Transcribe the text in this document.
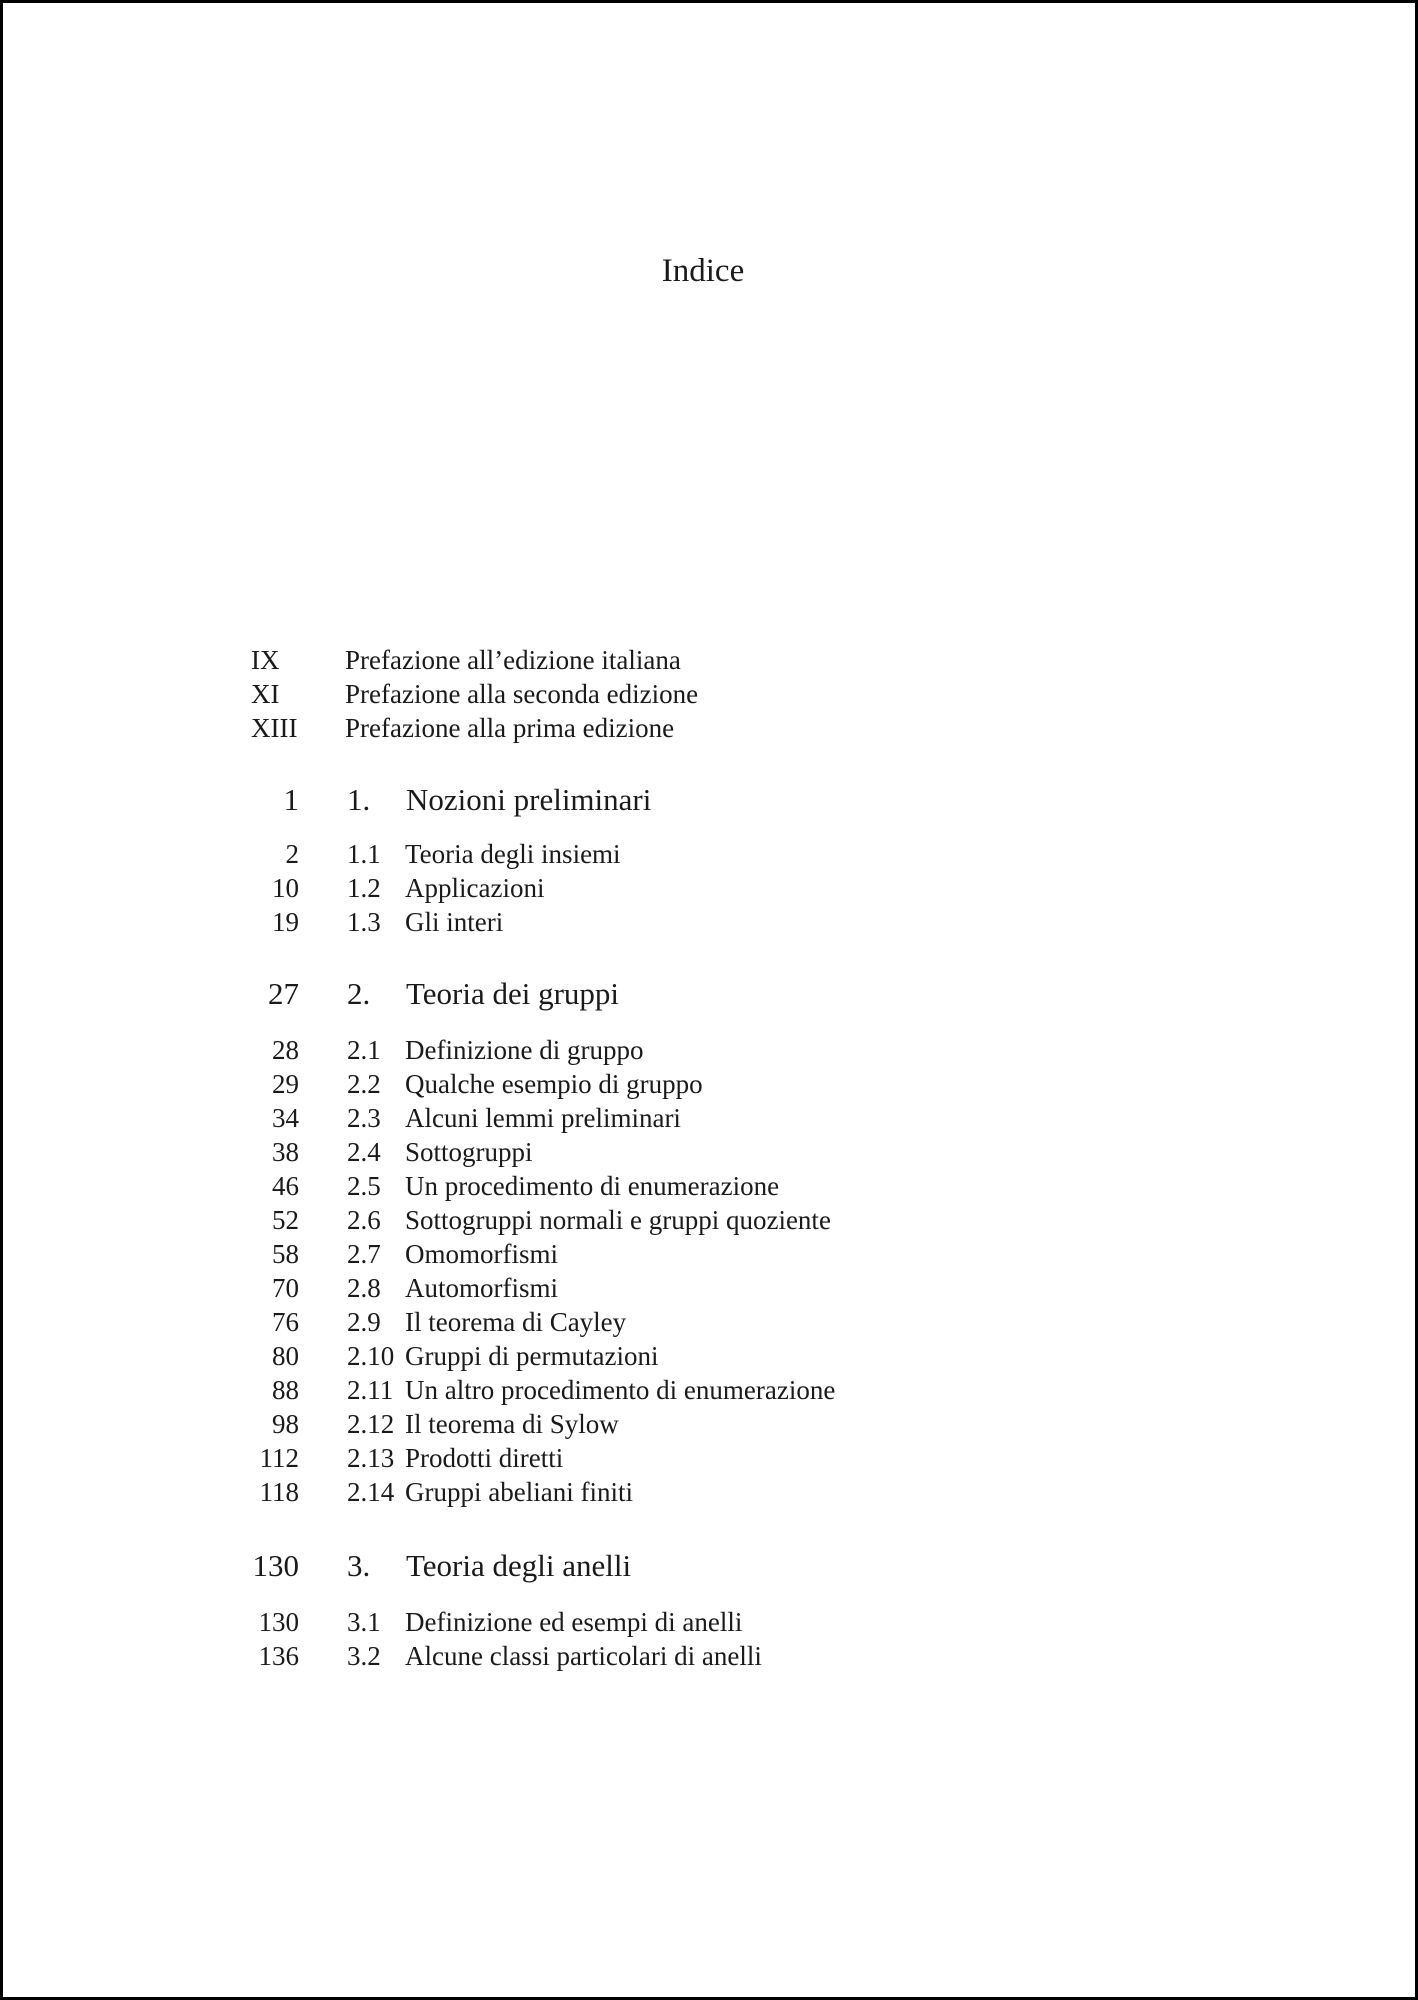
Indice
IX	Prefazione all’edizione italiana
XI	Prefazione alla seconda edizione
XIII	Prefazione alla prima edizione
1 1. Nozioni preliminari
2 1.1 Teoria degli insiemi
10 1.2 Applicazioni
19 1.3 Gli interi
27 2. Teoria dei gruppi
28 2.1 Definizione di gruppo
29 2.2 Qualche esempio di gruppo
34 2.3 Alcuni lemmi preliminari
38 2.4 Sottogruppi
46 2.5 Un procedimento di enumerazione
52 2.6 Sottogruppi normali e gruppi quoziente
58 2.7 Omomorfismi
70 2.8 Automorfismi
76 2.9 Il teorema di Cayley
80 2.10 Gruppi di permutazioni
88 2.11 Un altro procedimento di enumerazione
98 2.12 Il teorema di Sylow
112 2.13 Prodotti diretti
118 2.14 Gruppi abeliani finiti
130 3. Teoria degli anelli
130 3.1 Definizione ed esempi di anelli
136 3.2 Alcune classi particolari di anelli
